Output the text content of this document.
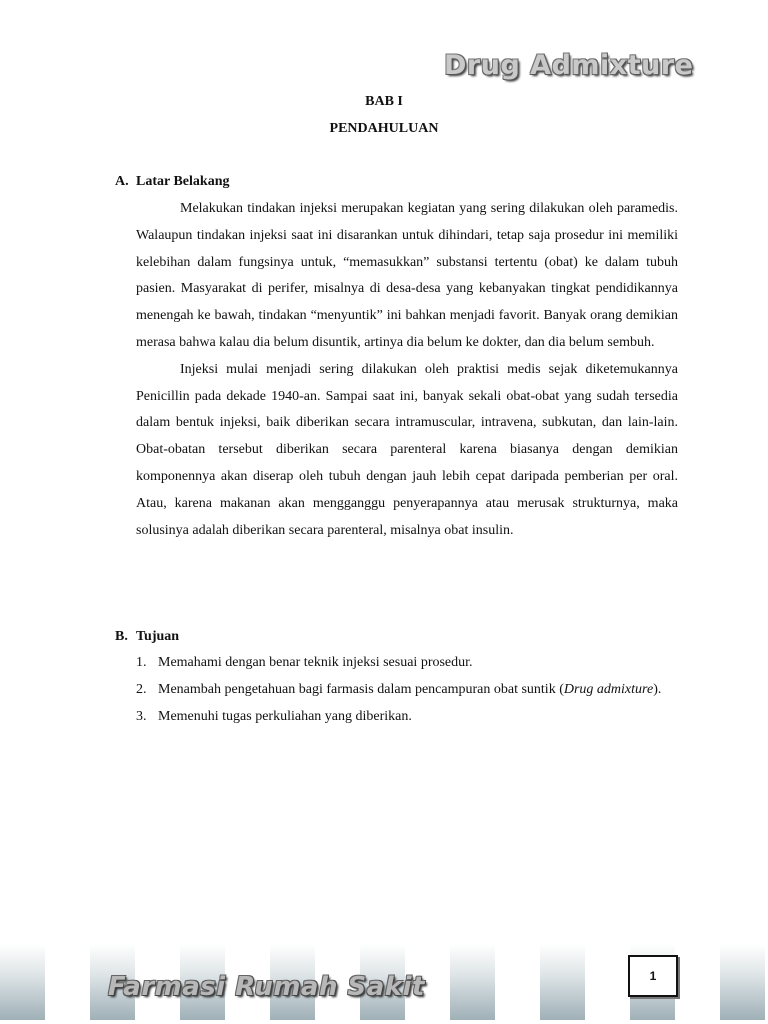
Drug Admixture
BAB I
PENDAHULUAN
A. Latar Belakang

Melakukan tindakan injeksi merupakan kegiatan yang sering dilakukan oleh paramedis. Walaupun tindakan injeksi saat ini disarankan untuk dihindari, tetap saja prosedur ini memiliki kelebihan dalam fungsinya untuk, “memasukkan” substansi tertentu (obat) ke dalam tubuh pasien. Masyarakat di perifer, misalnya di desa-desa yang kebanyakan tingkat pendidikannya menengah ke bawah, tindakan “menyuntik” ini bahkan menjadi favorit. Banyak orang demikian merasa bahwa kalau dia belum disuntik, artinya dia belum ke dokter, dan dia belum sembuh.

Injeksi mulai menjadi sering dilakukan oleh praktisi medis sejak diketemukannya Penicillin pada dekade 1940-an. Sampai saat ini, banyak sekali obat-obat yang sudah tersedia dalam bentuk injeksi, baik diberikan secara intramuscular, intravena, subkutan, dan lain-lain. Obat-obatan tersebut diberikan secara parenteral karena biasanya dengan demikian komponennya akan diserap oleh tubuh dengan jauh lebih cepat daripada pemberian per oral. Atau, karena makanan akan mengganggu penyerapannya atau merusak strukturnya, maka solusinya adalah diberikan secara parenteral, misalnya obat insulin.

B. Tujuan
1. Memahami dengan benar teknik injeksi sesuai prosedur.
2. Menambah pengetahuan bagi farmasis dalam pencampuran obat suntik (Drug admixture).
3. Memenuhi tugas perkuliahan yang diberikan.
Farmasi Rumah Sakit	1
